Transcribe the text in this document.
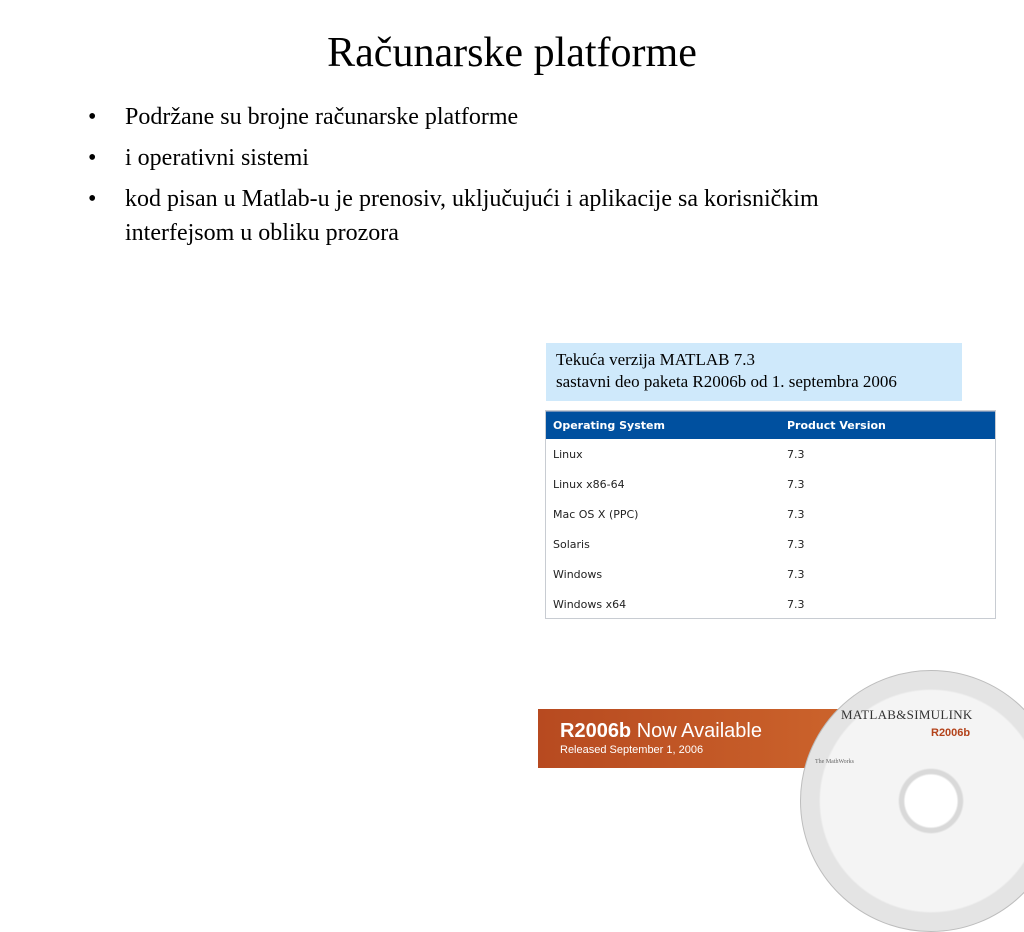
Računarske platforme
• Podržane su brojne računarske platforme
• i operativni sistemi
• kod pisan u Matlab-u je prenosiv, uključujući i aplikacije sa korisničkim interfejsom u obliku prozora
Tekuća verzija MATLAB 7.3
sastavni deo paketa R2006b od 1. septembra 2006
Operating System	Product Version
Linux	7.3
Linux x86-64	7.3
Mac OS X (PPC)	7.3
Solaris	7.3
Windows	7.3
Windows x64	7.3
R2006b Now Available
Released September 1, 2006
MATLAB&SIMULINK
R2006b
The MathWorks
